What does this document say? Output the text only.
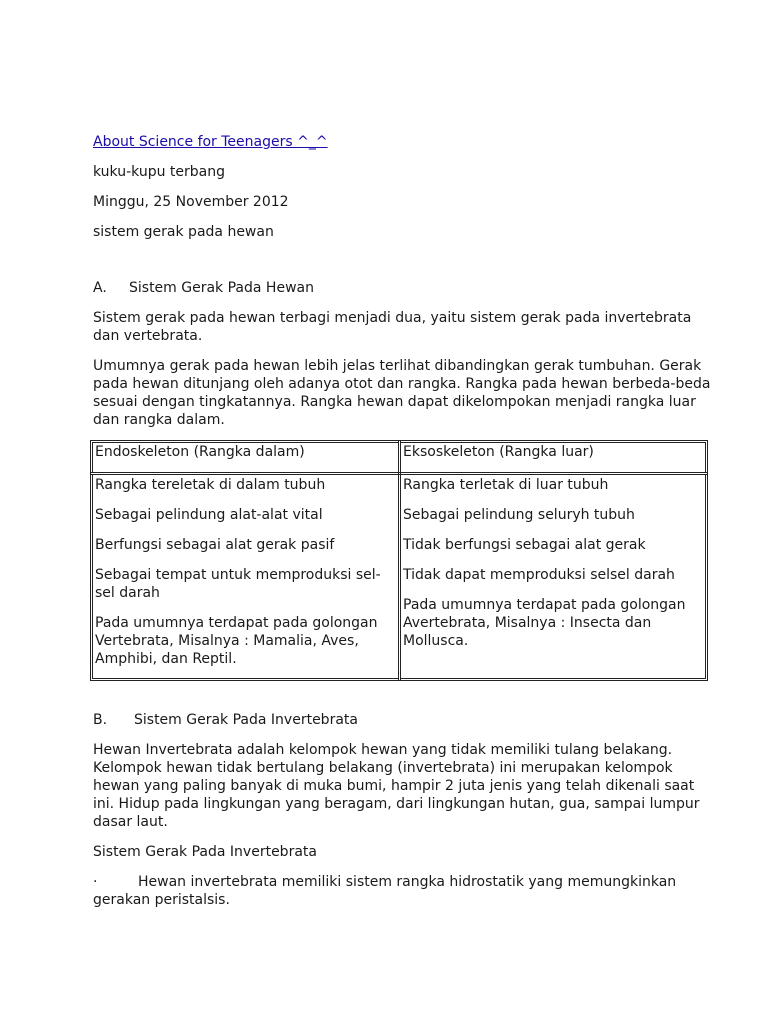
About Science for Teenagers ^_^

kuku-kupu terbang

Minggu, 25 November 2012

sistem gerak pada hewan

A. Sistem Gerak Pada Hewan

Sistem gerak pada hewan terbagi menjadi dua, yaitu sistem gerak pada invertebrata dan vertebrata.

Umumnya gerak pada hewan lebih jelas terlihat dibandingkan gerak tumbuhan. Gerak pada hewan ditunjang oleh adanya otot dan rangka. Rangka pada hewan berbeda-beda sesuai dengan tingkatannya. Rangka hewan dapat dikelompokan menjadi rangka luar dan rangka dalam.

Endoskeleton (Rangka dalam)	Eksoskeleton (Rangka luar)

Rangka tereletak di dalam tubuh

Sebagai pelindung alat-alat vital

Berfungsi sebagai alat gerak pasif

Sebagai tempat untuk memproduksi sel-sel darah

Pada umumnya terdapat pada golongan Vertebrata, Misalnya : Mamalia, Aves, Amphibi, dan Reptil.

Rangka terletak di luar tubuh

Sebagai pelindung seluryh tubuh

Tidak berfungsi sebagai alat gerak

Tidak dapat memproduksi selsel darah

Pada umumnya terdapat pada golongan Avertebrata, Misalnya : Insecta dan Mollusca.

B. Sistem Gerak Pada Invertebrata

Hewan Invertebrata adalah kelompok hewan yang tidak memiliki tulang belakang. Kelompok hewan tidak bertulang belakang (invertebrata) ini merupakan kelompok hewan yang paling banyak di muka bumi, hampir 2 juta jenis yang telah dikenali saat ini. Hidup pada lingkungan yang beragam, dari lingkungan hutan, gua, sampai lumpur dasar laut.

Sistem Gerak Pada Invertebrata

·	Hewan invertebrata memiliki sistem rangka hidrostatik yang memungkinkan gerakan peristalsis.
